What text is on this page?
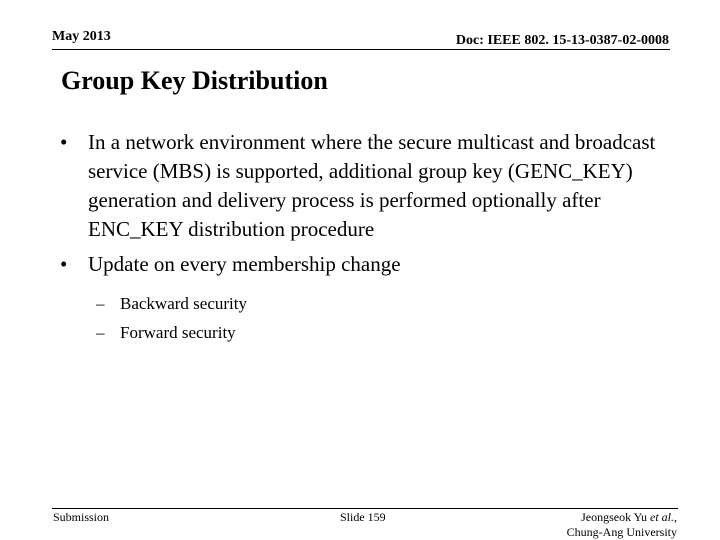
May 2013	Doc: IEEE 802. 15-13-0387-02-0008
Group Key Distribution
• In a network environment where the secure multicast and broadcast service (MBS) is supported, additional group key (GENC_KEY) generation and delivery process is performed optionally after ENC_KEY distribution procedure
• Update on every membership change
– Backward security
– Forward security
Submission	Slide 159	Jeongseok Yu et al.,
Chung-Ang University
